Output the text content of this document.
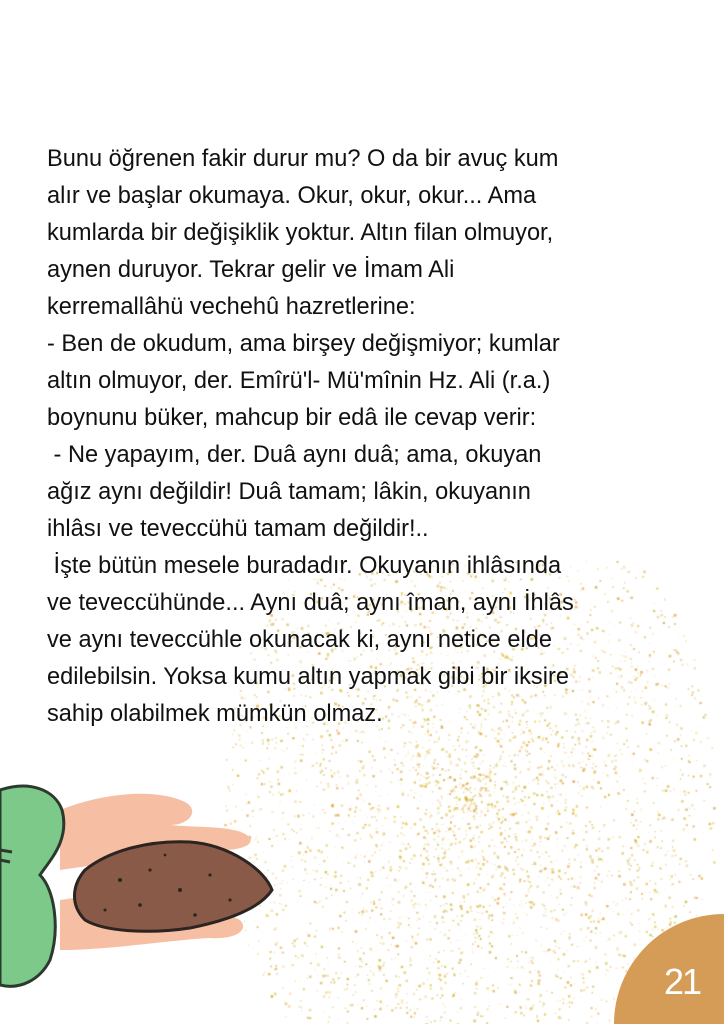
Bunu öğrenen fakir durur mu? O da bir avuç kum
alır ve başlar okumaya. Okur, okur, okur... Ama
kumlarda bir değişiklik yoktur. Altın filan olmuyor,
aynen duruyor. Tekrar gelir ve İmam Ali
kerremallâhü vechehû hazretlerine:
- Ben de okudum, ama birşey değişmiyor; kumlar
altın olmuyor, der. Emîrü'l- Mü'mînin Hz. Ali (r.a.)
boynunu büker, mahcup bir edâ ile cevap verir:
- Ne yapayım, der. Duâ aynı duâ; ama, okuyan
ağız aynı değildir! Duâ tamam; lâkin, okuyanın
ihlâsı ve teveccühü tamam değildir!..
İşte bütün mesele buradadır. Okuyanın ihlâsında
ve teveccühünde... Aynı duâ; aynı îman, aynı İhlâs
ve aynı teveccühle okunacak ki, aynı netice elde
edilebilsin. Yoksa kumu altın yapmak gibi bir iksire
sahip olabilmek mümkün olmaz.
21
